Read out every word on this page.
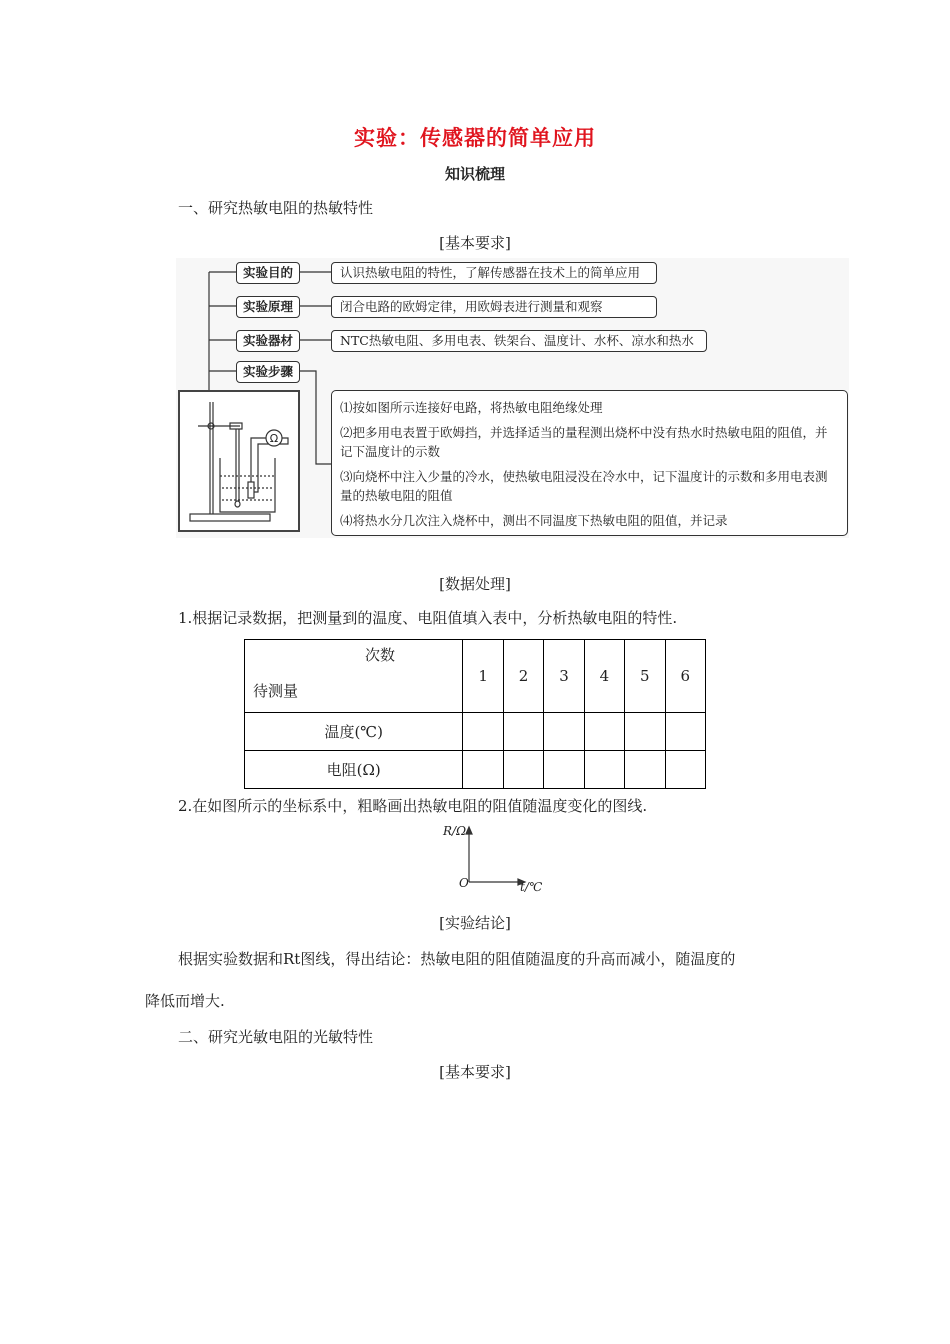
实验：传感器的简单应用
知识梳理
一、研究热敏电阻的热敏特性
[基本要求]
实验目的	认识热敏电阻的特性，了解传感器在技术上的简单应用
实验原理	闭合电路的欧姆定律，用欧姆表进行测量和观察
实验器材	NTC热敏电阻、多用电表、铁架台、温度计、水杯、凉水和热水
实验步骤
Ω
⑴按如图所示连接好电路，将热敏电阻绝缘处理
⑵把多用电表置于欧姆挡，并选择适当的量程测出烧杯中没有热水时热敏电阻的阻值，并记下温度计的示数
⑶向烧杯中注入少量的冷水，使热敏电阻浸没在冷水中，记下温度计的示数和多用电表测量的热敏电阻的阻值
⑷将热水分几次注入烧杯中，测出不同温度下热敏电阻的阻值，并记录
[数据处理]
1.根据记录数据，把测量到的温度、电阻值填入表中，分析热敏电阻的特性.
次数
待测量	1	2	3	4	5	6
温度(℃)						
电阻(Ω)						
2.在如图所示的坐标系中，粗略画出热敏电阻的阻值随温度变化的图线.
R/Ω
O	t/℃
[实验结论]
根据实验数据和Rt图线，得出结论：热敏电阻的阻值随温度的升高而减小，随温度的
降低而增大.
二、研究光敏电阻的光敏特性
[基本要求]
